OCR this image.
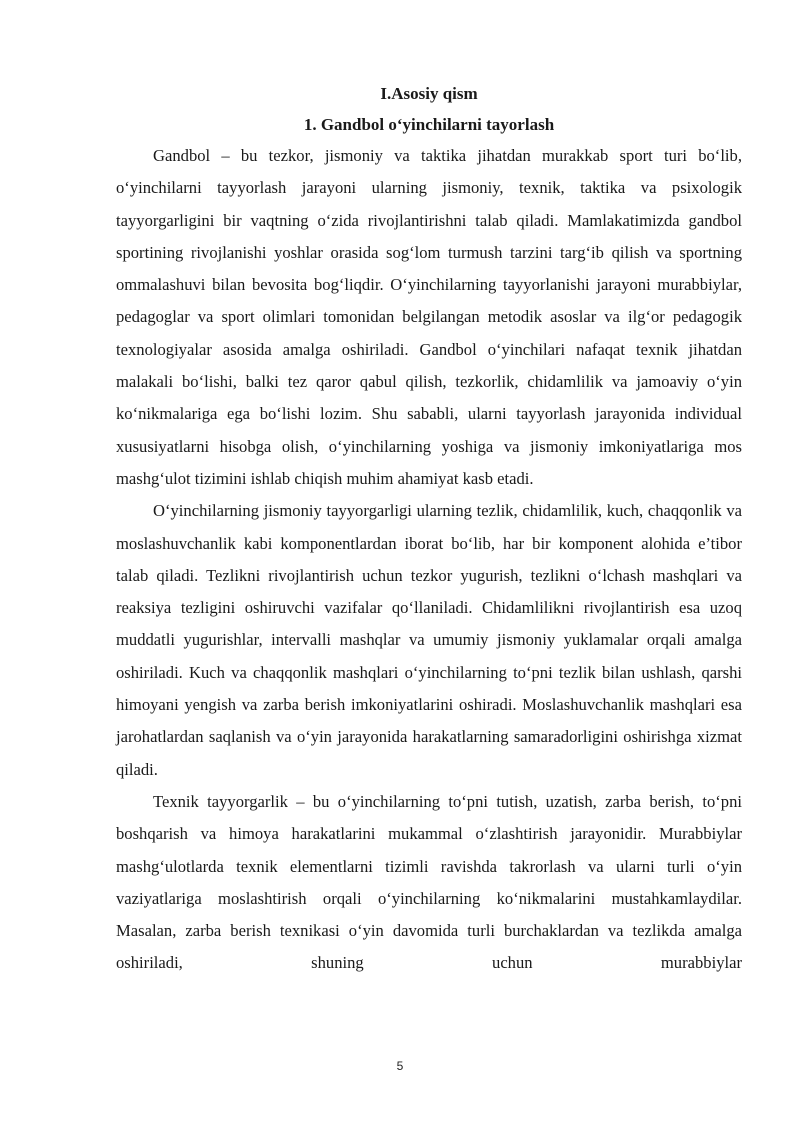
I.Asosiy qism
1. Gandbol o‘yinchilarni tayorlash

Gandbol – bu tezkor, jismoniy va taktika jihatdan murakkab sport turi bo‘lib, o‘yinchilarni tayyorlash jarayoni ularning jismoniy, texnik, taktika va psixologik tayyorgarligini bir vaqtning o‘zida rivojlantirishni talab qiladi. Mamlakatimizda gandbol sportining rivojlanishi yoshlar orasida sog‘lom turmush tarzini targ‘ib qilish va sportning ommalashuvi bilan bevosita bog‘liqdir. O‘yinchilarning tayyorlanishi jarayoni murabbiylar, pedagoglar va sport olimlari tomonidan belgilangan metodik asoslar va ilg‘or pedagogik texnologiyalar asosida amalga oshiriladi. Gandbol o‘yinchilari nafaqat texnik jihatdan malakali bo‘lishi, balki tez qaror qabul qilish, tezkorlik, chidamlilik va jamoaviy o‘yin ko‘nikmalariga ega bo‘lishi lozim. Shu sababli, ularni tayyorlash jarayonida individual xususiyatlarni hisobga olish, o‘yinchilarning yoshiga va jismoniy imkoniyatlariga mos mashg‘ulot tizimini ishlab chiqish muhim ahamiyat kasb etadi.

O‘yinchilarning jismoniy tayyorgarligi ularning tezlik, chidamlilik, kuch, chaqqonlik va moslashuvchanlik kabi komponentlardan iborat bo‘lib, har bir komponent alohida e’tibor talab qiladi. Tezlikni rivojlantirish uchun tezkor yugurish, tezlikni o‘lchash mashqlari va reaksiya tezligini oshiruvchi vazifalar qo‘llaniladi. Chidamlilikni rivojlantirish esa uzoq muddatli yugurishlar, intervalli mashqlar va umumiy jismoniy yuklamalar orqali amalga oshiriladi. Kuch va chaqqonlik mashqlari o‘yinchilarning to‘pni tezlik bilan ushlash, qarshi himoyani yengish va zarba berish imkoniyatlarini oshiradi. Moslashuvchanlik mashqlari esa jarohatlardan saqlanish va o‘yin jarayonida harakatlarning samaradorligini oshirishga xizmat qiladi.

Texnik tayyorgarlik – bu o‘yinchilarning to‘pni tutish, uzatish, zarba berish, to‘pni boshqarish va himoya harakatlarini mukammal o‘zlashtirish jarayonidir. Murabbiylar mashg‘ulotlarda texnik elementlarni tizimli ravishda takrorlash va ularni turli o‘yin vaziyatlariga moslashtirish orqali o‘yinchilarning ko‘nikmalarini mustahkamlaydilar. Masalan, zarba berish texnikasi o‘yin davomida turli burchaklardan va tezlikda amalga oshiriladi, shuning uchun murabbiylar

5
